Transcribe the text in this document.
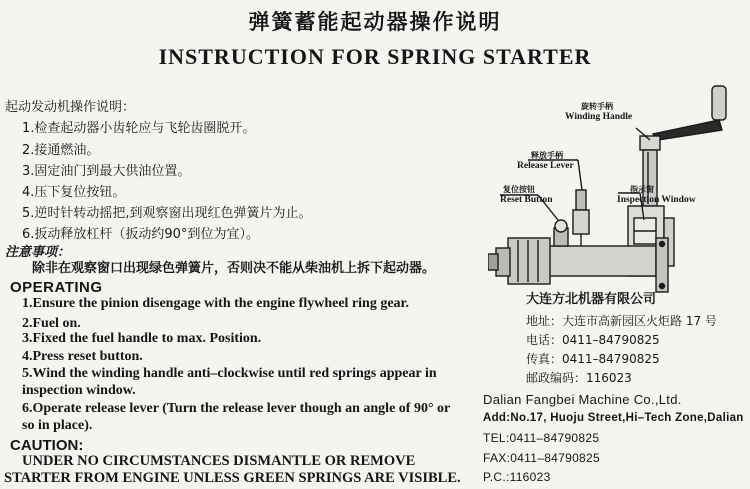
弹簧蓄能起动器操作说明
INSTRUCTION FOR SPRING STARTER
起动发动机操作说明：
1.检查起动器小齿轮应与飞轮齿圈脱开。
2.接通燃油。
3.固定油门到最大供油位置。
4.压下复位按钮。
5.逆时针转动摇把,到观察窗出现红色弹簧片为止。
6.扳动释放杠杆（扳动约90°到位为宜）。
注意事项：
除非在观察窗口出现绿色弹簧片，否则决不能从柴油机上拆下起动器。
OPERATING
1.Ensure the pinion disengage with the engine flywheel ring gear.
2.Fuel on.
3.Fixed the fuel handle to max. Position.
4.Press reset button.
5.Wind the winding handle anti–clockwise until red springs appear in
inspection window.
6.Operate release lever (Turn the release lever though an angle of 90° or
so in place).
CAUTION:
UNDER NO CIRCUMSTANCES DISMANTLE OR REMOVE
STARTER FROM ENGINE UNLESS GREEN SPRINGS ARE VISIBLE.
旋转手柄
Winding Handle
释放手柄
Release Lever
复位按钮
Reset Button
指示窗
Inspection Window
大连方北机器有限公司
地址：大连市高新园区火炬路 17 号
电话：0411–84790825
传真：0411–84790825
邮政编码：116023
Dalian Fangbei Machine Co.,Ltd.
Add:No.17, Huoju Street,Hi–Tech Zone,Dalian
TEL:0411–84790825
FAX:0411–84790825
P.C.:116023
